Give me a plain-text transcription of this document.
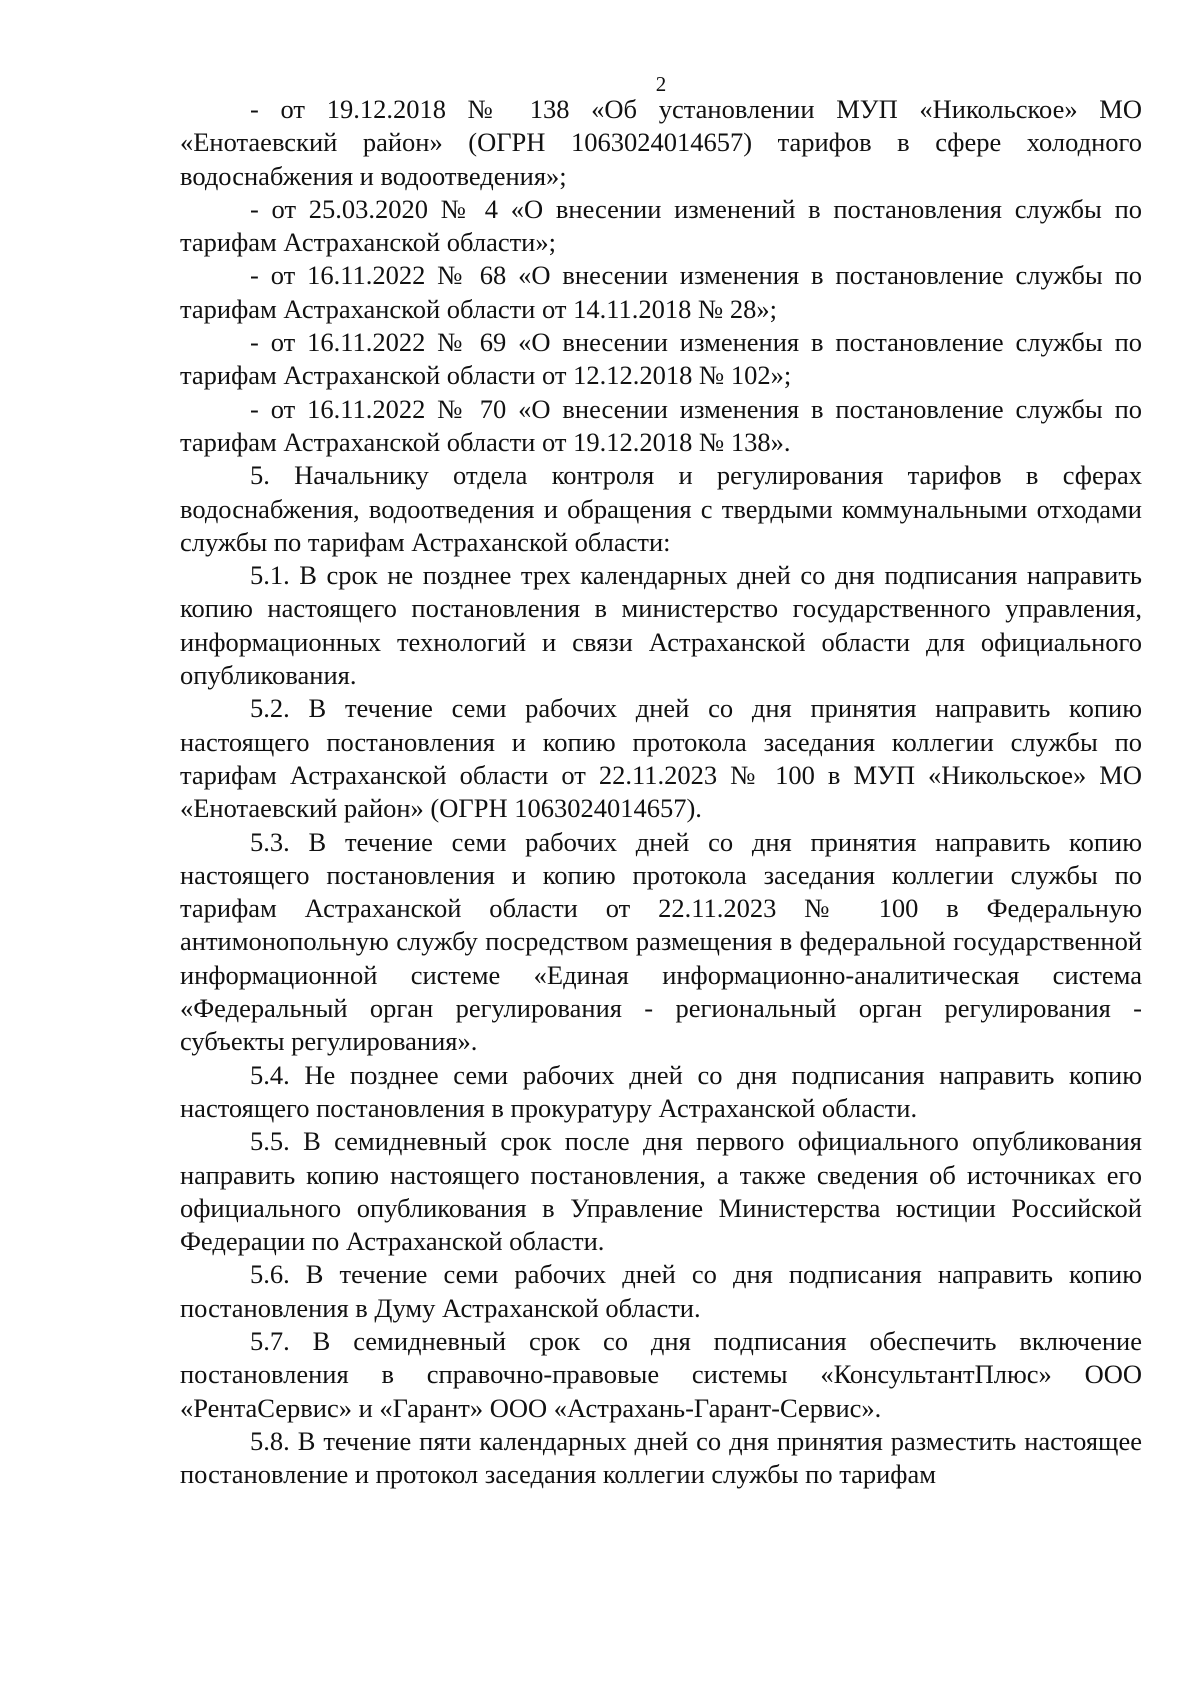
2

- от 19.12.2018 № 138 «Об установлении МУП «Никольское» МО «Енотаевский район» (ОГРН 1063024014657) тарифов в сфере холодного водоснабжения и водоотведения»;

- от 25.03.2020 № 4 «О внесении изменений в постановления службы по тарифам Астраханской области»;

- от 16.11.2022 № 68 «О внесении изменения в постановление службы по тарифам Астраханской области от 14.11.2018 № 28»;

- от 16.11.2022 № 69 «О внесении изменения в постановление службы по тарифам Астраханской области от 12.12.2018 № 102»;

- от 16.11.2022 № 70 «О внесении изменения в постановление службы по тарифам Астраханской области от 19.12.2018 № 138».

5. Начальнику отдела контроля и регулирования тарифов в сферах водоснабжения, водоотведения и обращения с твердыми коммунальными отходами службы по тарифам Астраханской области:

5.1. В срок не позднее трех календарных дней со дня подписания направить копию настоящего постановления в министерство государственного управления, информационных технологий и связи Астраханской области для официального опубликования.

5.2. В течение семи рабочих дней со дня принятия направить копию настоящего постановления и копию протокола заседания коллегии службы по тарифам Астраханской области от 22.11.2023 № 100 в МУП «Никольское» МО «Енотаевский район» (ОГРН 1063024014657).

5.3. В течение семи рабочих дней со дня принятия направить копию настоящего постановления и копию протокола заседания коллегии службы по тарифам Астраханской области от 22.11.2023 № 100 в Федеральную антимонопольную службу посредством размещения в федеральной государственной информационной системе «Единая информационно-аналитическая система «Федеральный орган регулирования - региональный орган регулирования - субъекты регулирования».

5.4. Не позднее семи рабочих дней со дня подписания направить копию настоящего постановления в прокуратуру Астраханской области.

5.5. В семидневный срок после дня первого официального опубликования направить копию настоящего постановления, а также сведения об источниках его официального опубликования в Управление Министерства юстиции Российской Федерации по Астраханской области.

5.6. В течение семи рабочих дней со дня подписания направить копию постановления в Думу Астраханской области.

5.7. В семидневный срок со дня подписания обеспечить включение постановления в справочно-правовые системы «КонсультантПлюс» ООО «РентаСервис» и «Гарант» ООО «Астрахань-Гарант-Сервис».

5.8. В течение пяти календарных дней со дня принятия разместить настоящее постановление и протокол заседания коллегии службы по тарифам
